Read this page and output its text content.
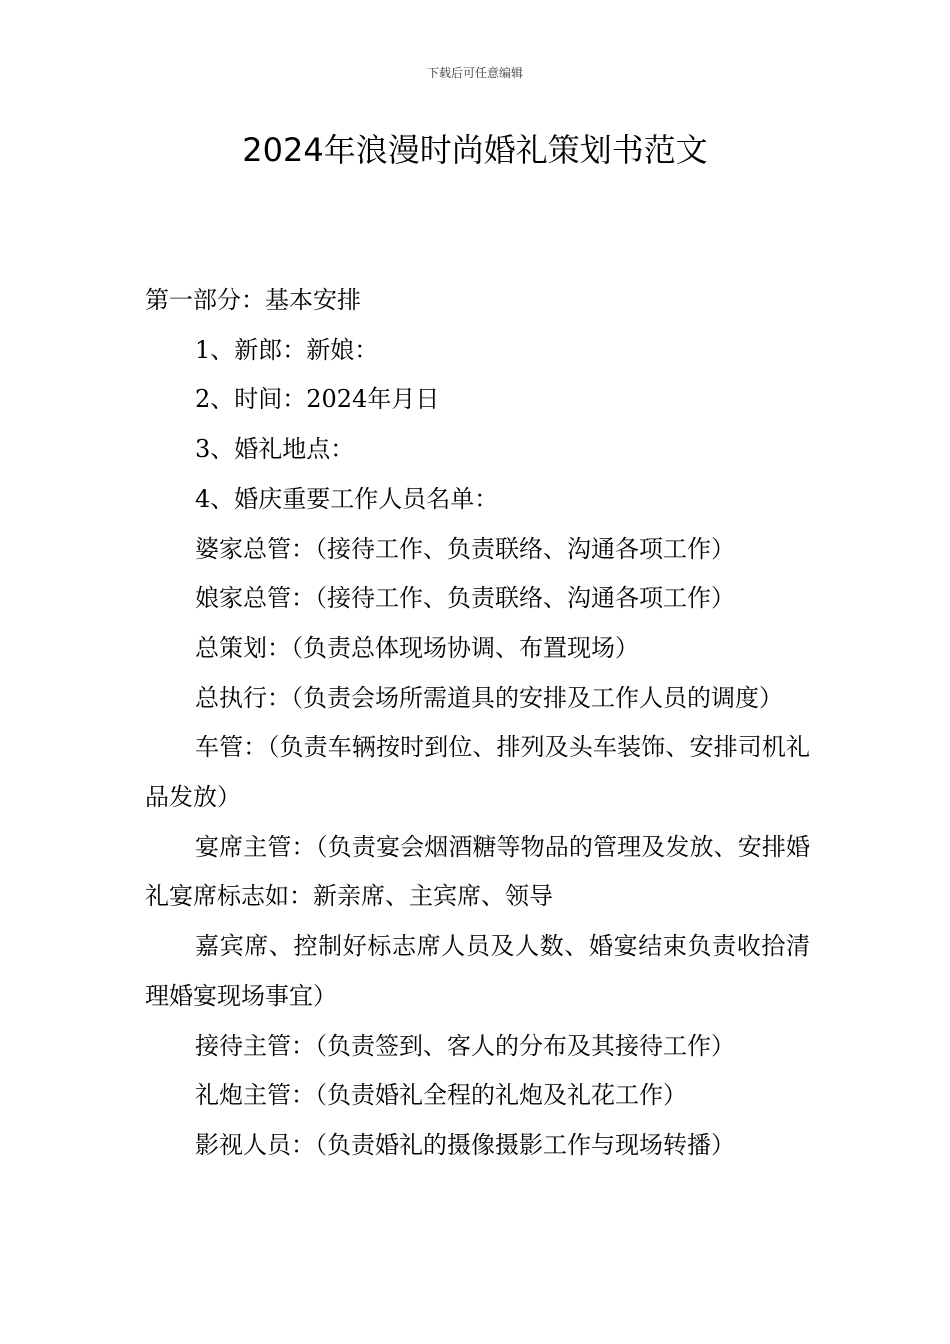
下载后可任意编辑
2024年浪漫时尚婚礼策划书范文

第一部分：基本安排

1、新郎：新娘：

2、时间：2024年月日

3、婚礼地点：

4、婚庆重要工作人员名单：

婆家总管：（接待工作、负责联络、沟通各项工作）

娘家总管：（接待工作、负责联络、沟通各项工作）

总策划：（负责总体现场协调、布置现场）

总执行：（负责会场所需道具的安排及工作人员的调度）

车管：（负责车辆按时到位、排列及头车装饰、安排司机礼品发放）

宴席主管：（负责宴会烟酒糖等物品的管理及发放、安排婚礼宴席标志如：新亲席、主宾席、领导

嘉宾席、控制好标志席人员及人数、婚宴结束负责收拾清理婚宴现场事宜）

接待主管：（负责签到、客人的分布及其接待工作）

礼炮主管：（负责婚礼全程的礼炮及礼花工作）

影视人员：（负责婚礼的摄像摄影工作与现场转播）
